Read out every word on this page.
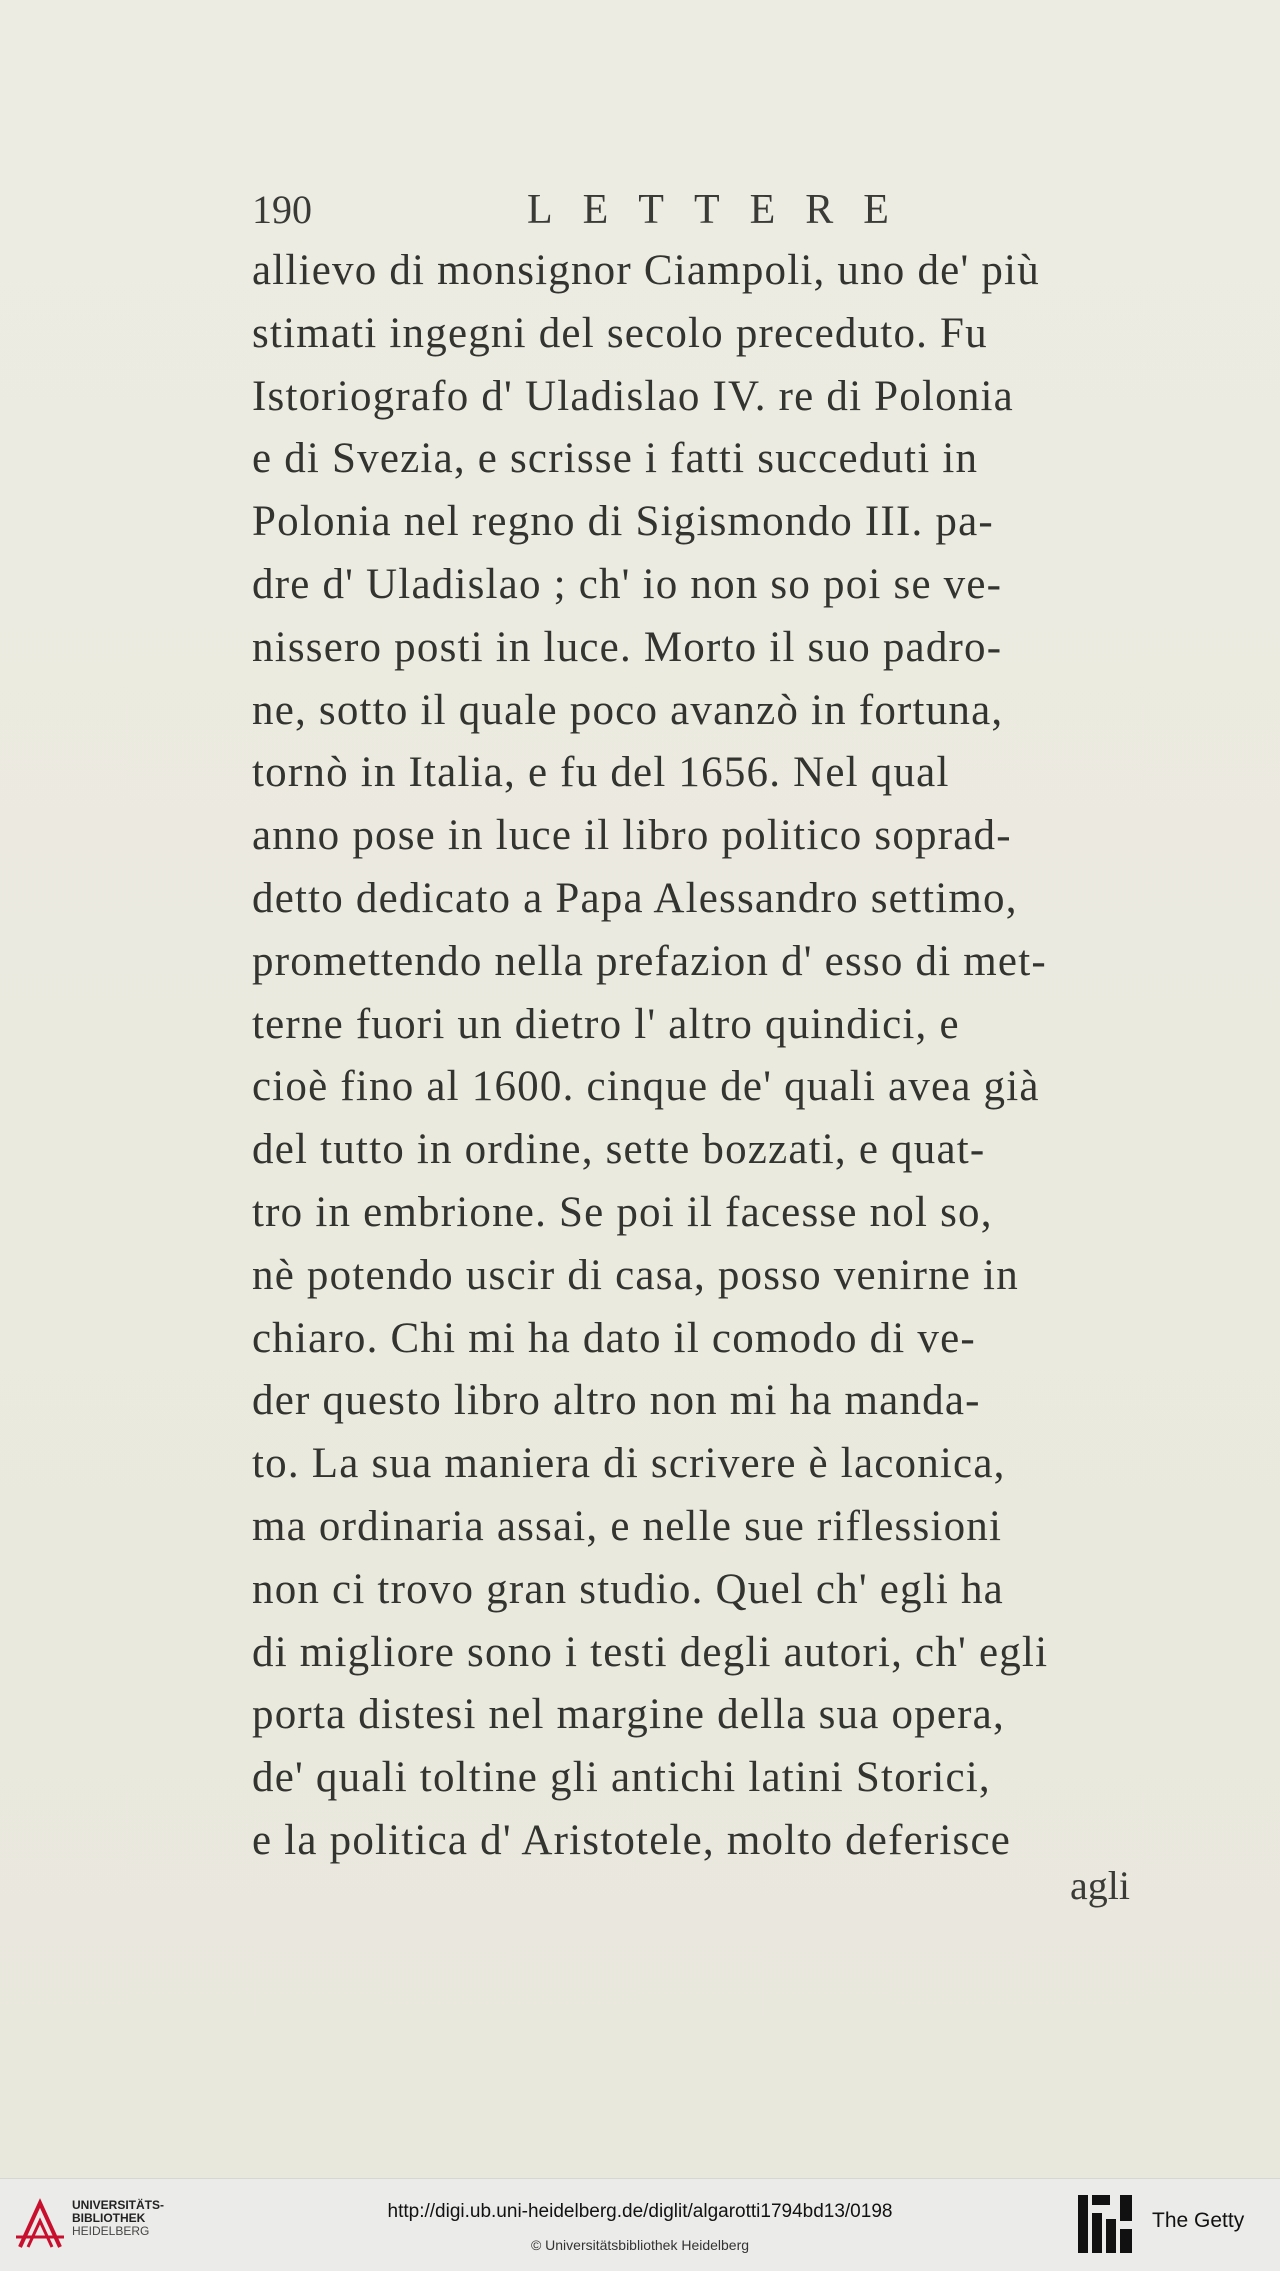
190	LETTERE
allievo di monsignor Ciampoli, uno de' più
stimati ingegni del secolo preceduto. Fu
Istoriografo d' Uladislao IV. re di Polonia
e di Svezia, e scrisse i fatti succeduti in
Polonia nel regno di Sigismondo III. pa-
dre d' Uladislao ; ch' io non so poi se ve-
nissero posti in luce. Morto il suo padro-
ne, sotto il quale poco avanzò in fortuna,
tornò in Italia, e fu del 1656. Nel qual
anno pose in luce il libro politico soprad-
detto dedicato a Papa Alessandro settimo,
promettendo nella prefazion d' esso di met-
terne fuori un dietro l' altro quindici, e
cioè fino al 1600. cinque de' quali avea già
del tutto in ordine, sette bozzati, e quat-
tro in embrione. Se poi il facesse nol so,
nè potendo uscir di casa, posso venirne in
chiaro. Chi mi ha dato il comodo di ve-
der questo libro altro non mi ha manda-
to. La sua maniera di scrivere è laconica,
ma ordinaria assai, e nelle sue riflessioni
non ci trovo gran studio. Quel ch' egli ha
di migliore sono i testi degli autori, ch' egli
porta distesi nel margine della sua opera,
de' quali toltine gli antichi latini Storici,
e la politica d' Aristotele, molto deferisce
agli
UNIVERSITÄTS-
BIBLIOTHEK
HEIDELBERG
http://digi.ub.uni-heidelberg.de/diglit/algarotti1794bd13/0198
© Universitätsbibliothek Heidelberg
The Getty
